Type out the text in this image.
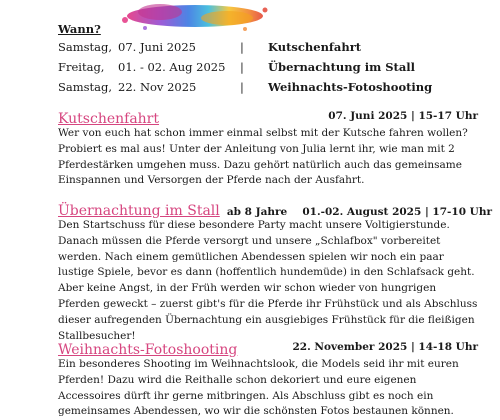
Wann?
Samstag, 07. Juni 2025	| Kutschenfahrt
Freitag, 01. - 02. Aug 2025 | Übernachtung im Stall
Samstag, 22. Nov 2025	| Weihnachts-Fotoshooting
Kutschenfahrt	07. Juni 2025 | 15-17 Uhr

Wer von euch hat schon immer einmal selbst mit der Kutsche fahren wollen? Probiert es mal aus! Unter der Anleitung von Julia lernt ihr, wie man mit 2 Pferdestärken umgehen muss. Dazu gehört natürlich auch das gemeinsame Einspannen und Versorgen der Pferde nach der Ausfahrt.

Übernachtung im Stall ab 8 Jahre 01.-02. August 2025 | 17-10 Uhr

Den Startschuss für diese besondere Party macht unsere Voltigierstunde. Danach müssen die Pferde versorgt und unsere „Schlafbox" vorbereitet werden. Nach einem gemütlichen Abendessen spielen wir noch ein paar lustige Spiele, bevor es dann (hoffentlich hundemüde) in den Schlafsack geht. Aber keine Angst, in der Früh werden wir schon wieder von hungrigen Pferden geweckt – zuerst gibt's für die Pferde ihr Frühstück und als Abschluss dieser aufregenden Übernachtung ein ausgiebiges Frühstück für die fleißigen Stallbesucher!

Weihnachts-Fotoshooting	22. November 2025 | 14-18 Uhr

Ein besonderes Shooting im Weihnachtslook, die Models seid ihr mit euren Pferden! Dazu wird die Reithalle schon dekoriert und eure eigenen Accessoires dürft ihr gerne mitbringen. Als Abschluss gibt es noch ein gemeinsames Abendessen, wo wir die schönsten Fotos bestaunen können.
